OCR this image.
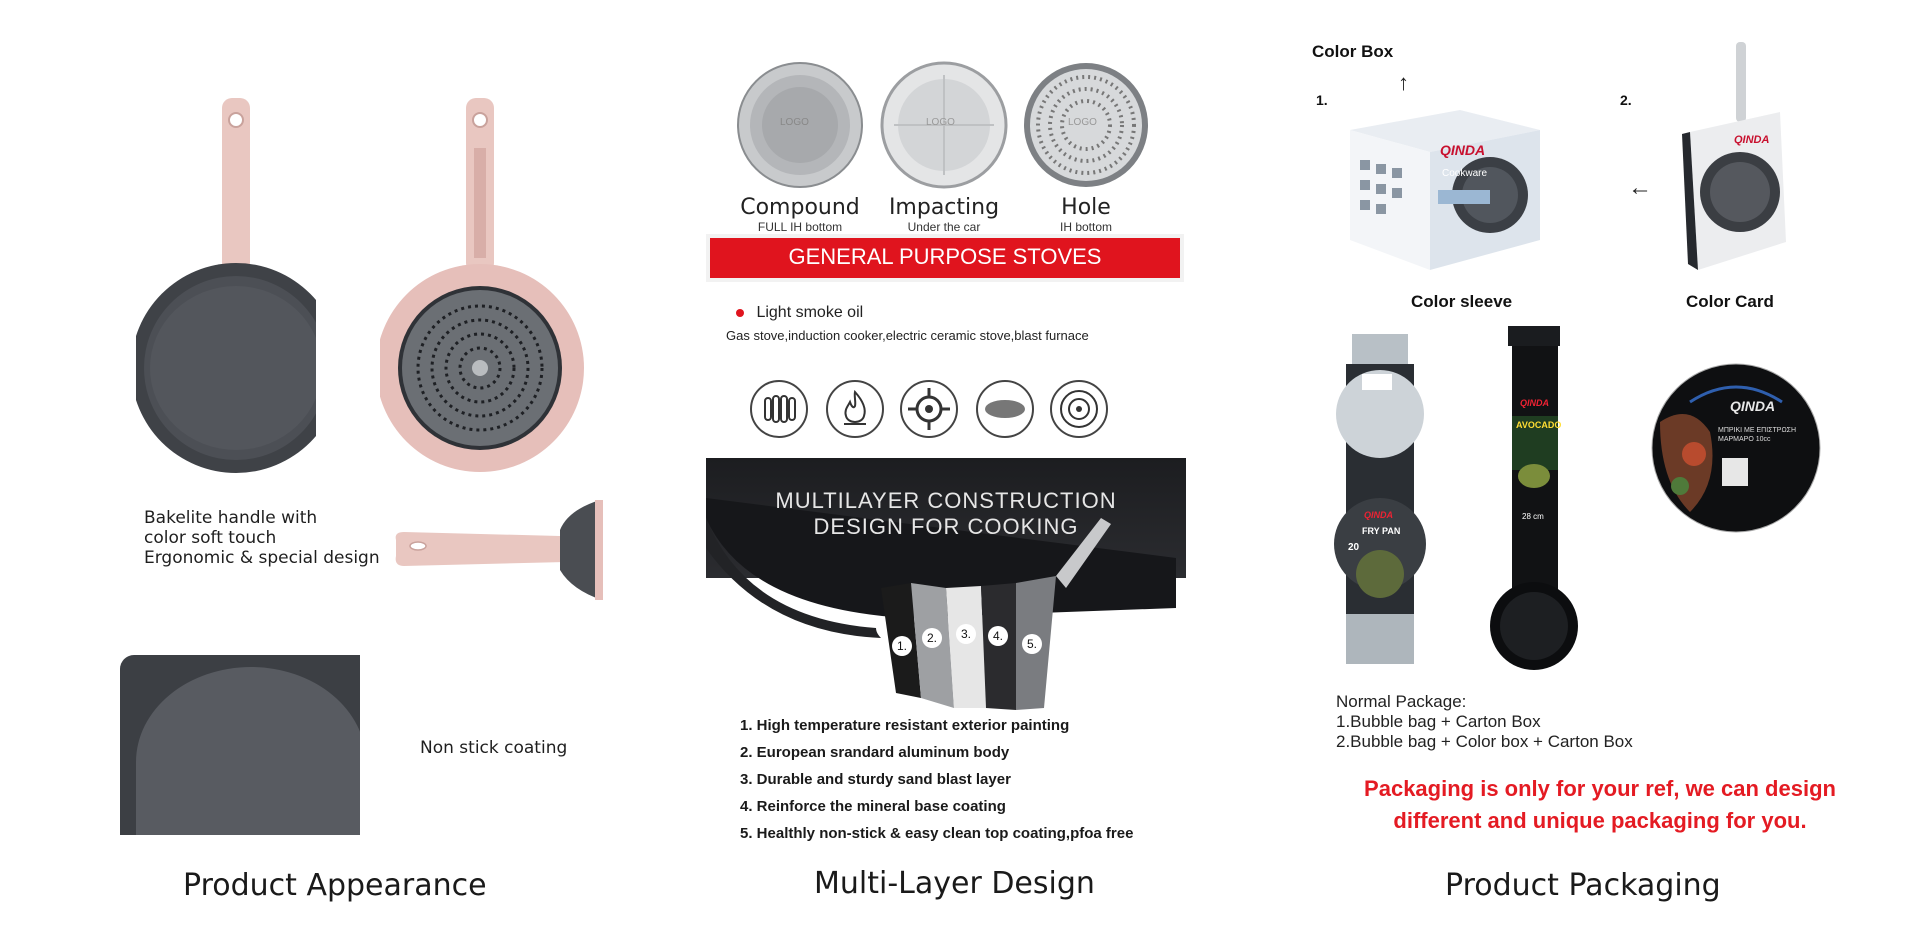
Bakelite handle with
color soft touch
Ergonomic & special design
Non stick coating
Product Appearance
LOGO
Compound
FULL IH bottom
LOGO
Impacting
Under the car
LOGO
Hole
IH bottom
GENERAL PURPOSE STOVES
Light smoke oil
Gas stove,induction cooker,electric ceramic stove,blast furnace
MULTILAYER CONSTRUCTION
DESIGN FOR COOKING
1.
2.	3.	4.
5.
1. High temperature resistant exterior painting
2. European srandard aluminum body
3. Durable and sturdy sand blast layer
4. Reinforce the mineral base coating
5. Healthly non-stick & easy clean top coating,pfoa free
Multi-Layer Design
Color Box
↑
1.
QINDA
Cookware
2.
←
QINDA
Color sleeve	Color Card
QINDA
FRY PAN
20
QINDA
AVOCADO
28 cm
QINDA
ΜΠΡΙΚΙ ΜΕ ΕΠΙΣΤΡΩΣΗ ΜΑΡΜΑΡΟ 10cc
Normal Package:
1.Bubble bag + Carton Box
2.Bubble bag + Color box + Carton Box
Packaging is only for your ref, we can design
different and unique packaging for you.
Product Packaging
